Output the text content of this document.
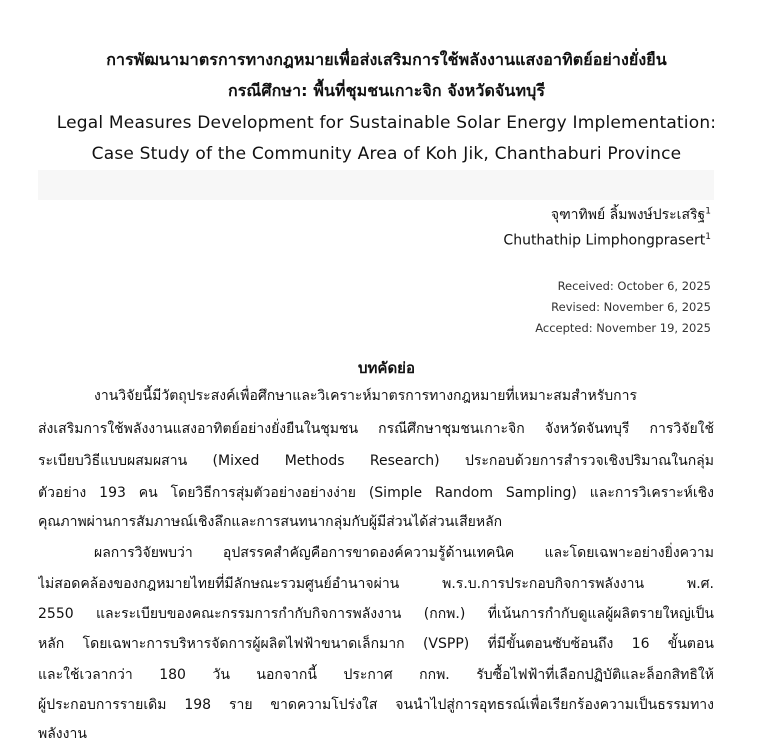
การพัฒนามาตรการทางกฎหมายเพื่อส่งเสริมการใช้พลังงานแสงอาทิตย์อย่างยั่งยืน
กรณีศึกษา: พื้นที่ชุมชนเกาะจิก จังหวัดจันทบุรี
Legal Measures Development for Sustainable Solar Energy Implementation:
Case Study of the Community Area of Koh Jik, Chanthaburi Province
จุฑาทิพย์ ลิ้มพงษ์ประเสริฐ$^1$
Chuthathip Limphongprasert$^1$
Received: October 6, 2025
Revised: November 6, 2025
Accepted: November 19, 2025
บทคัดย่อ
งานวิจัยนี้มีวัตถุประสงค์เพื่อศึกษาและวิเคราะห์มาตรการทางกฎหมายที่เหมาะสมสำหรับการ
ส่งเสริมการใช้พลังงานแสงอาทิตย์อย่างยั่งยืนในชุมชน กรณีศึกษาชุมชนเกาะจิก จังหวัดจันทบุรี การวิจัยใช้
ระเบียบวิธีแบบผสมผสาน (Mixed Methods Research) ประกอบด้วยการสำรวจเชิงปริมาณในกลุ่ม
ตัวอย่าง 193 คน โดยวิธีการสุ่มตัวอย่างอย่างง่าย (Simple Random Sampling) และการวิเคราะห์เชิง
คุณภาพผ่านการสัมภาษณ์เชิงลึกและการสนทนากลุ่มกับผู้มีส่วนได้ส่วนเสียหลัก
ผลการวิจัยพบว่า อุปสรรคสำคัญคือการขาดองค์ความรู้ด้านเทคนิค และโดยเฉพาะอย่างยิ่งความ
ไม่สอดคล้องของกฎหมายไทยที่มีลักษณะรวมศูนย์อำนาจผ่าน พ.ร.บ.การประกอบกิจการพลังงาน พ.ศ.
2550 และระเบียบของคณะกรรมการกำกับกิจการพลังงาน (กกพ.) ที่เน้นการกำกับดูแลผู้ผลิตรายใหญ่เป็น
หลัก โดยเฉพาะการบริหารจัดการผู้ผลิตไฟฟ้าขนาดเล็กมาก (VSPP) ที่มีขั้นตอนซับซ้อนถึง 16 ขั้นตอน
และใช้เวลากว่า 180 วัน นอกจากนี้ ประกาศ กกพ. รับซื้อไฟฟ้าที่เลือกปฏิบัติและล็อกสิทธิให้
ผู้ประกอบการรายเดิม 198 ราย ขาดความโปร่งใส จนนำไปสู่การอุทธรณ์เพื่อเรียกร้องความเป็นธรรมทาง
พลังงาน
